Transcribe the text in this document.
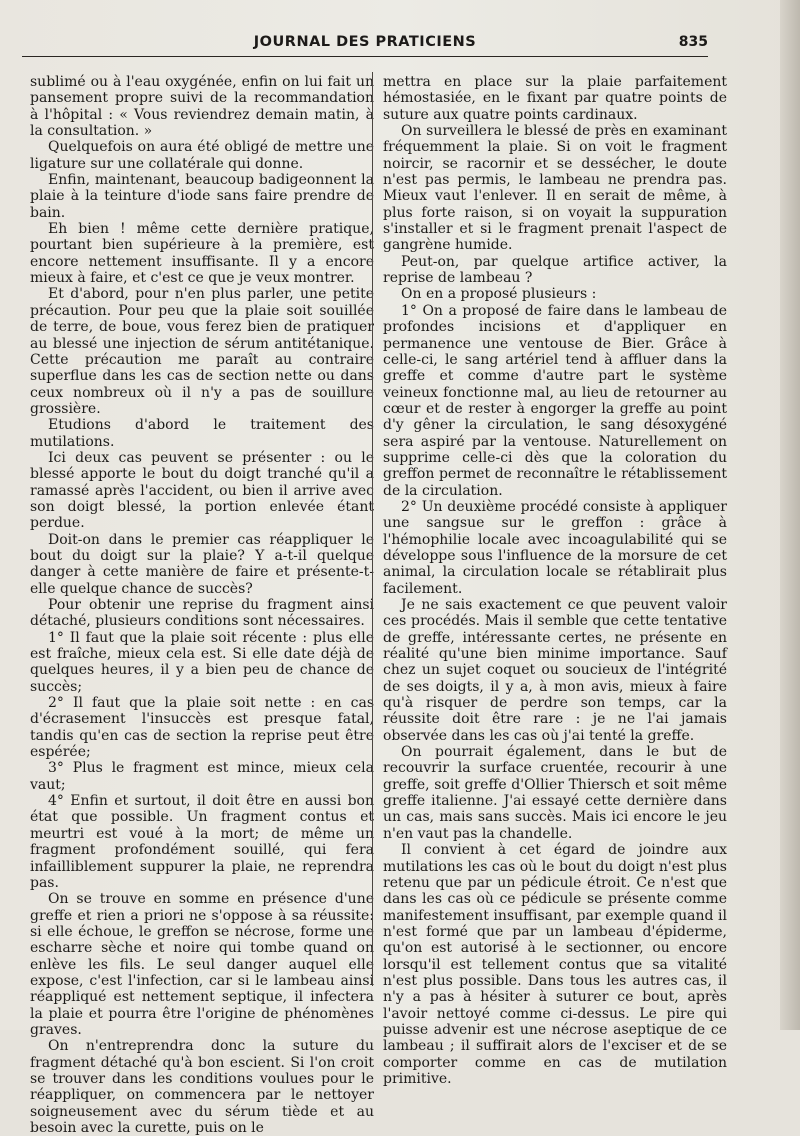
JOURNAL DES PRATICIENS	835

sublimé ou à l'eau oxygénée, enfin on lui fait un pansement propre suivi de la recommandation à l'hôpital : « Vous reviendrez demain matin, à la consultation. »

Quelquefois on aura été obligé de mettre une ligature sur une collatérale qui donne.

Enfin, maintenant, beaucoup badigeonnent la plaie à la teinture d'iode sans faire prendre de bain.

Eh bien ! même cette dernière pratique, pourtant bien supérieure à la première, est encore nettement insuffisante. Il y a encore mieux à faire, et c'est ce que je veux montrer.

Et d'abord, pour n'en plus parler, une petite précaution. Pour peu que la plaie soit souillée de terre, de boue, vous ferez bien de pratiquer au blessé une injection de sérum antitétanique. Cette précaution me paraît au contraire superflue dans les cas de section nette ou dans ceux nombreux où il n'y a pas de souillure grossière.

Etudions d'abord le traitement des mutilations.

Ici deux cas peuvent se présenter : ou le blessé apporte le bout du doigt tranché qu'il a ramassé après l'accident, ou bien il arrive avec son doigt blessé, la portion enlevée étant perdue.

Doit-on dans le premier cas réappliquer le bout du doigt sur la plaie? Y a-t-il quelque danger à cette manière de faire et présente-t-elle quelque chance de succès?

Pour obtenir une reprise du fragment ainsi détaché, plusieurs conditions sont nécessaires.

1° Il faut que la plaie soit récente : plus elle est fraîche, mieux cela est. Si elle date déjà de quelques heures, il y a bien peu de chance de succès;

2° Il faut que la plaie soit nette : en cas d'écrasement l'insuccès est presque fatal, tandis qu'en cas de section la reprise peut être espérée;

3° Plus le fragment est mince, mieux cela vaut;

4° Enfin et surtout, il doit être en aussi bon état que possible. Un fragment contus et meurtri est voué à la mort; de même un fragment profondément souillé, qui fera infailliblement suppurer la plaie, ne reprendra pas.

On se trouve en somme en présence d'une greffe et rien a priori ne s'oppose à sa réussite: si elle échoue, le greffon se nécrose, forme une escharre sèche et noire qui tombe quand on enlève les fils. Le seul danger auquel elle expose, c'est l'infection, car si le lambeau ainsi réappliqué est nettement septique, il infectera la plaie et pourra être l'origine de phénomènes graves.

On n'entreprendra donc la suture du fragment détaché qu'à bon escient. Si l'on croit se trouver dans les conditions voulues pour le réappliquer, on commencera par le nettoyer soigneusement avec du sérum tiède et au besoin avec la curette, puis on le

mettra en place sur la plaie parfaitement hémostasiée, en le fixant par quatre points de suture aux quatre points cardinaux.

On surveillera le blessé de près en examinant fréquemment la plaie. Si on voit le fragment noircir, se racornir et se dessécher, le doute n'est pas permis, le lambeau ne prendra pas. Mieux vaut l'enlever. Il en serait de même, à plus forte raison, si on voyait la suppuration s'installer et si le fragment prenait l'aspect de gangrène humide.

Peut-on, par quelque artifice activer, la reprise de lambeau ?

On en a proposé plusieurs :

1° On a proposé de faire dans le lambeau de profondes incisions et d'appliquer en permanence une ventouse de Bier. Grâce à celle-ci, le sang artériel tend à affluer dans la greffe et comme d'autre part le système veineux fonctionne mal, au lieu de retourner au cœur et de rester à engorger la greffe au point d'y gêner la circulation, le sang désoxygéné sera aspiré par la ventouse. Naturellement on supprime celle-ci dès que la coloration du greffon permet de reconnaître le rétablissement de la circulation.

2° Un deuxième procédé consiste à appliquer une sangsue sur le greffon : grâce à l'hémophilie locale avec incoagulabilité qui se développe sous l'influence de la morsure de cet animal, la circulation locale se rétablirait plus facilement.

Je ne sais exactement ce que peuvent valoir ces procédés. Mais il semble que cette tentative de greffe, intéressante certes, ne présente en réalité qu'une bien minime importance. Sauf chez un sujet coquet ou soucieux de l'intégrité de ses doigts, il y a, à mon avis, mieux à faire qu'à risquer de perdre son temps, car la réussite doit être rare : je ne l'ai jamais observée dans les cas où j'ai tenté la greffe.

On pourrait également, dans le but de recouvrir la surface cruentée, recourir à une greffe, soit greffe d'Ollier Thiersch et soit même greffe italienne. J'ai essayé cette dernière dans un cas, mais sans succès. Mais ici encore le jeu n'en vaut pas la chandelle.

Il convient à cet égard de joindre aux mutilations les cas où le bout du doigt n'est plus retenu que par un pédicule étroit. Ce n'est que dans les cas où ce pédicule se présente comme manifestement insuffisant, par exemple quand il n'est formé que par un lambeau d'épiderme, qu'on est autorisé à le sectionner, ou encore lorsqu'il est tellement contus que sa vitalité n'est plus possible. Dans tous les autres cas, il n'y a pas à hésiter à suturer ce bout, après l'avoir nettoyé comme ci-dessus. Le pire qui puisse advenir est une nécrose aseptique de ce lambeau ; il suffirait alors de l'exciser et de se comporter comme en cas de mutilation primitive.
